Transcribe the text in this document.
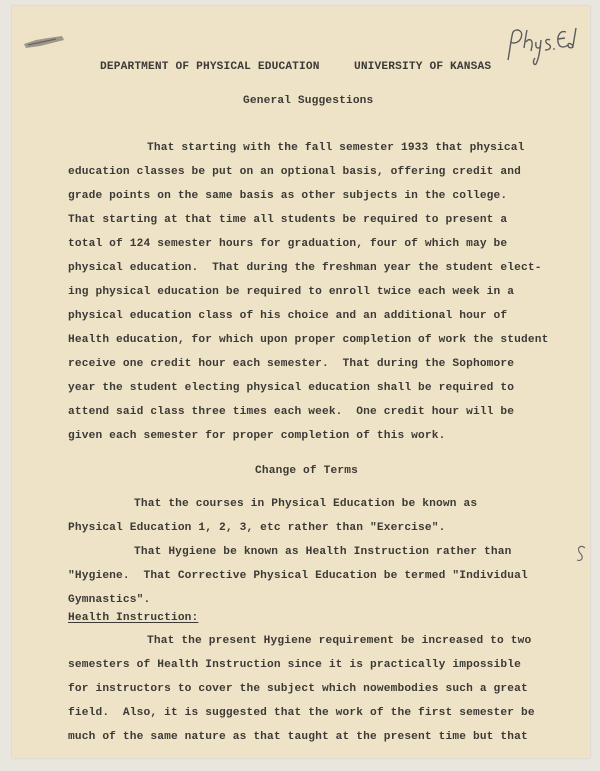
DEPARTMENT OF PHYSICAL EDUCATION     UNIVERSITY OF KANSAS
General Suggestions
That starting with the fall semester 1933 that physical
education classes be put on an optional basis, offering credit and
grade points on the same basis as other subjects in the college.
That starting at that time all students be required to present a
total of 124 semester hours for graduation, four of which may be
physical education.  That during the freshman year the student elect-
ing physical education be required to enroll twice each week in a
physical education class of his choice and an additional hour of
Health education, for which upon proper completion of work the student
receive one credit hour each semester.  That during the Sophomore
year the student electing physical education shall be required to
attend said class three times each week.  One credit hour will be
given each semester for proper completion of this work.
Change of Terms
That the courses in Physical Education be known as
Physical Education 1, 2, 3, etc rather than "Exercise".
That Hygiene be known as Health Instruction rather than
"Hygiene.  That Corrective Physical Education be termed "Individual
Gymnastics".
Health Instruction:
That the present Hygiene requirement be increased to two
semesters of Health Instruction since it is practically impossible
for instructors to cover the subject which nowembodies such a great
field.  Also, it is suggested that the work of the first semester be
much of the same nature as that taught at the present time but that
